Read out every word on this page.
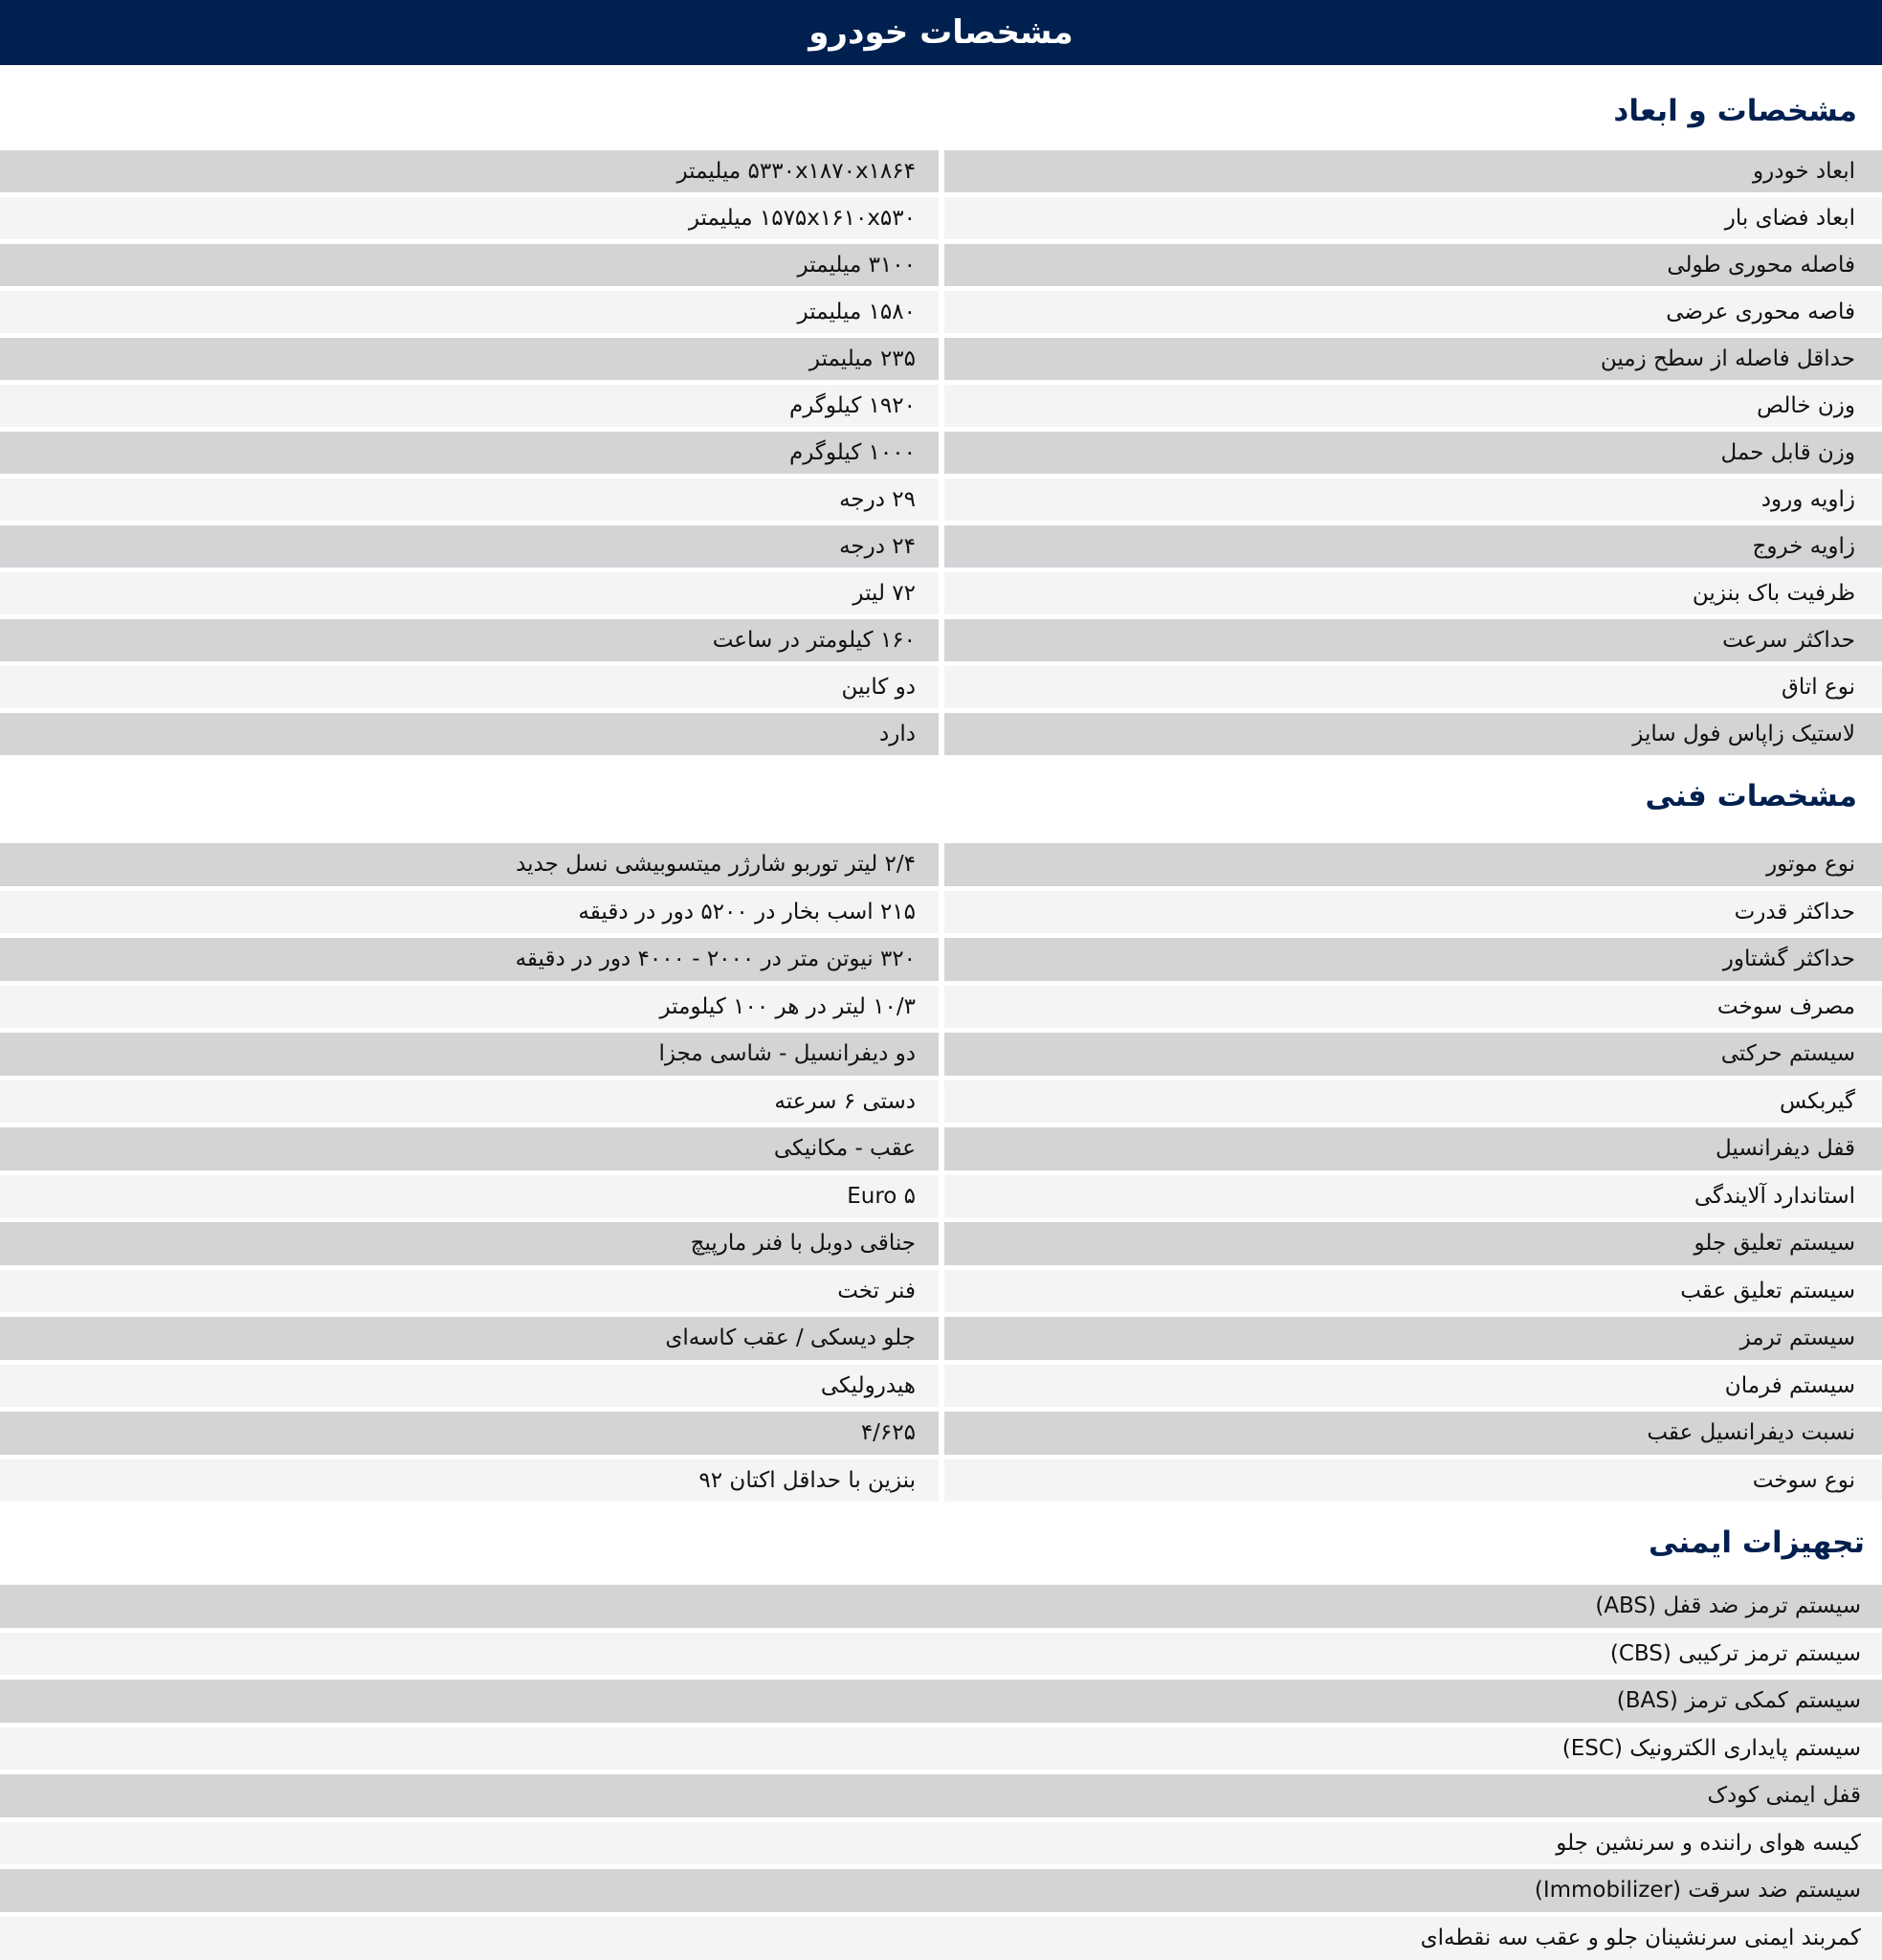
مشخصات خودرو
مشخصات و ابعاد
ابعاد خودرو
۵۳۳۰x۱۸۷۰x۱۸۶۴ میلیمتر
ابعاد فضای بار
۱۵۷۵x۱۶۱۰x۵۳۰ میلیمتر
فاصله محوری طولی
۳۱۰۰ میلیمتر
فاصه محوری عرضی
۱۵۸۰ میلیمتر
حداقل فاصله از سطح زمین
۲۳۵ میلیمتر
وزن خالص
۱۹۲۰ کیلوگرم
وزن قابل حمل
۱۰۰۰ کیلوگرم
زاویه ورود
۲۹ درجه
زاویه خروج
۲۴ درجه
ظرفیت باک بنزین
۷۲ لیتر
حداکثر سرعت
۱۶۰ کیلومتر در ساعت
نوع اتاق
دو کابین
لاستیک زاپاس فول سایز
دارد
مشخصات فنی
نوع موتور
۲/۴ لیتر توربو شارژر میتسوبیشی نسل جدید
حداکثر قدرت
۲۱۵ اسب بخار در ۵۲۰۰ دور در دقیقه
حداکثر گشتاور
۳۲۰ نیوتن متر در ۲۰۰۰ - ۴۰۰۰ دور در دقیقه
مصرف سوخت
۱۰/۳ لیتر در هر ۱۰۰ کیلومتر
سیستم حرکتی
دو دیفرانسیل - شاسی مجزا
گیربکس
دستی ۶ سرعته
قفل دیفرانسیل
عقب - مکانیکی
استاندارد آلایندگی
Euro ۵
سیستم تعلیق جلو
جناقی دوبل با فنر مارپیچ
سیستم تعلیق عقب
فنر تخت
سیستم ترمز
جلو دیسکی / عقب کاسه‌ای
سیستم فرمان
هیدرولیکی
نسبت دیفرانسیل عقب
۴/۶۲۵
نوع سوخت
بنزین با حداقل اکتان ۹۲
تجهیزات ایمنی
سیستم ترمز ضد قفل (ABS)
سیستم ترمز ترکیبی (CBS)
سیستم کمکی ترمز (BAS)
سیستم پایداری الکترونیک (ESC)
قفل ایمنی کودک
کیسه هوای راننده و سرنشین جلو
سیستم ضد سرقت (Immobilizer)
کمربند ایمنی سرنشینان جلو و عقب سه نقطه‌ای
